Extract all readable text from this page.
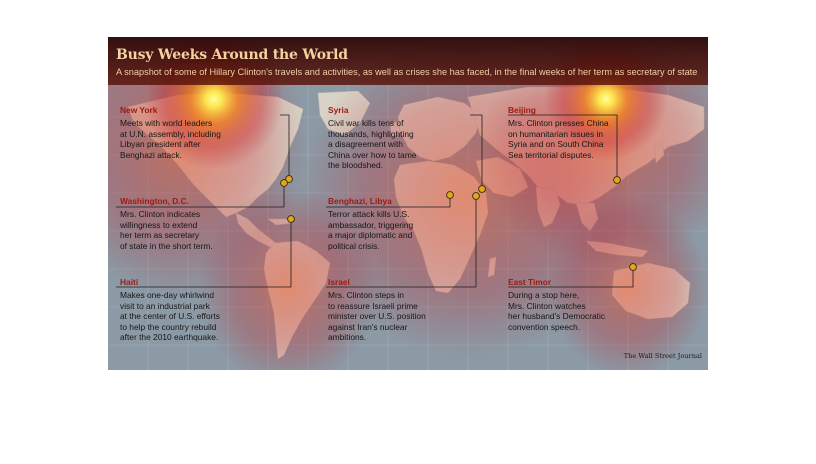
Busy Weeks Around the World
A snapshot of some of Hillary Clinton's travels and activities, as well as crises she has faced, in the final weeks of her term as secretary of state
New York
Meets with world leaders
at U.N. assembly, including
Libyan president after
Benghazi attack.
Washington, D.C.
Mrs. Clinton indicates
willingness to extend
her term as secretary
of state in the short term.
Haiti
Makes one-day whirlwind
visit to an industrial park
at the center of U.S. efforts
to help the country rebuild
after the 2010 earthquake.
Syria
Civil war kills tens of
thousands, highlighting
a disagreement with
China over how to tame
the bloodshed.
Benghazi, Libya
Terror attack kills U.S.
ambassador, triggering
a major diplomatic and
political crisis.
Israel
Mrs. Clinton steps in
to reassure Israeli prime
minister over U.S. position
against Iran's nuclear
ambitions.
Beijing
Mrs. Clinton presses China
on humanitarian issues in
Syria and on South China
Sea territorial disputes.
East Timor
During a stop here,
Mrs. Clinton watches
her husband's Democratic
convention speech.
The Wall Street Journal
